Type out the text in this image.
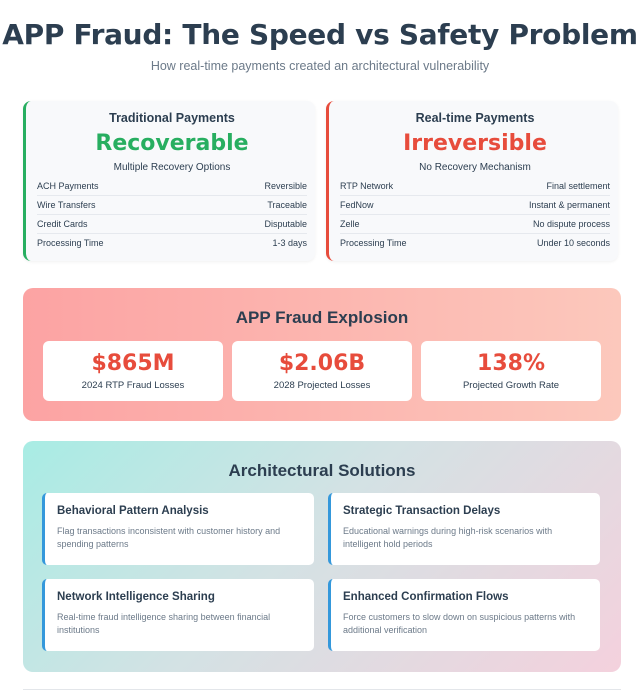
APP Fraud: The Speed vs Safety Problem

How real-time payments created an architectural vulnerability

Traditional Payments
Recoverable
Multiple Recovery Options
ACH Payments	Reversible
Wire Transfers	Traceable
Credit Cards	Disputable
Processing Time	1-3 days
Real-time Payments
Irreversible
No Recovery Mechanism
RTP Network	Final settlement
FedNow	Instant & permanent
Zelle	No dispute process
Processing Time	Under 10 seconds
APP Fraud Explosion
$865M
2024 RTP Fraud Losses
$2.06B
2028 Projected Losses
138%
Projected Growth Rate
Architectural Solutions
Behavioral Pattern Analysis
Flag transactions inconsistent with customer history and spending patterns
Strategic Transaction Delays
Educational warnings during high-risk scenarios with intelligent hold periods
Network Intelligence Sharing
Real-time fraud intelligence sharing between financial institutions
Enhanced Confirmation Flows
Force customers to slow down on suspicious patterns with additional verification
